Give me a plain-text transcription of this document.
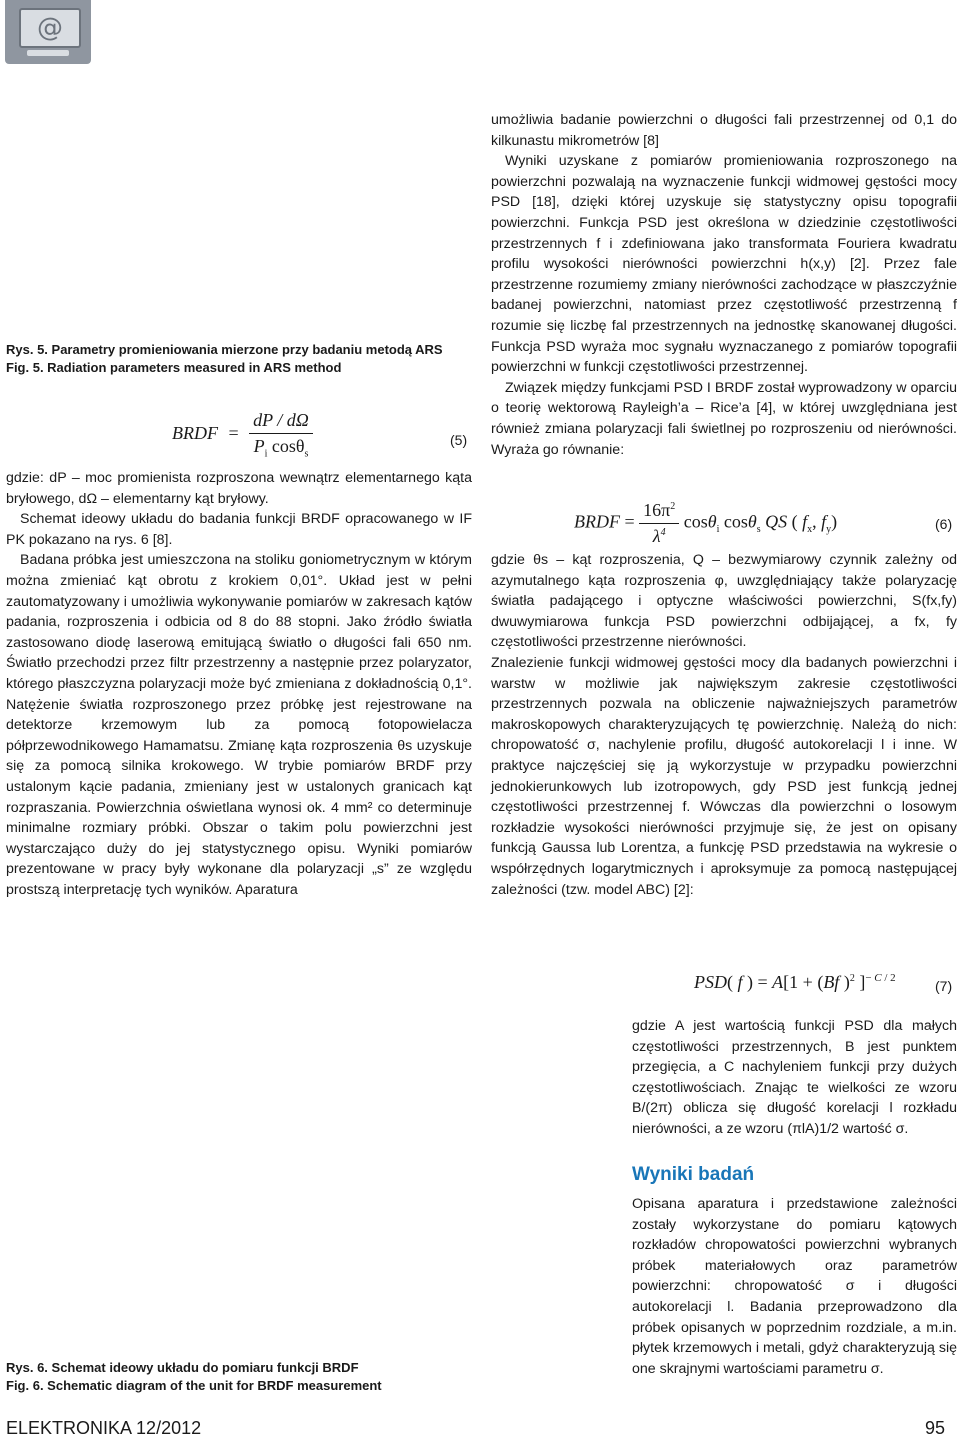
@
Rys. 5. Parametry promieniowania mierzone przy badaniu metodą ARS
Fig. 5. Radiation parameters measured in ARS method
BRDF = $\frac{dP / d\Omega}{P_i \cos\theta_s}$	(5)

gdzie: dP – moc promienista rozproszona wewnątrz elementarnego kąta bryłowego, dΩ – elementarny kąt bryłowy.

Schemat ideowy układu do badania funkcji BRDF opracowanego w IF PK pokazano na rys. 6 [8].

Badana próbka jest umieszczona na stoliku goniometrycznym w którym można zmieniać kąt obrotu z krokiem 0,01°. Układ jest w pełni zautomatyzowany i umożliwia wykonywanie pomiarów w zakresach kątów padania, rozproszenia i odbicia od 8 do 88 stopni. Jako źródło światła zastosowano diodę laserową emitującą światło o długości fali 650 nm. Światło przechodzi przez filtr przestrzenny a następnie przez polaryzator, którego płaszczyzna polaryzacji może być zmieniana z dokładnością 0,1°. Natężenie światła rozproszonego przez próbkę jest rejestrowane na detektorze krzemowym lub za pomocą fotopowielacza półprzewodnikowego Hamamatsu. Zmianę kąta rozproszenia θs uzyskuje się za pomocą silnika krokowego. W trybie pomiarów BRDF przy ustalonym kącie padania, zmieniany jest w ustalonych granicach kąt rozpraszania. Powierzchnia oświetlana wynosi ok. 4 mm² co determinuje minimalne rozmiary próbki. Obszar o takim polu powierzchni jest wystarczająco duży do jej statystycznego opisu. Wyniki pomiarów prezentowane w pracy były wykonane dla polaryzacji „s” ze względu prostszą interpretację tych wyników. Aparatura

umożliwia badanie powierzchni o długości fali przestrzennej od 0,1 do kilkunastu mikrometrów [8]

Wyniki uzyskane z pomiarów promieniowania rozproszonego na powierzchni pozwalają na wyznaczenie funkcji widmowej gęstości mocy PSD [18], dzięki której uzyskuje się statystyczny opisu topografii powierzchni. Funkcja PSD jest określona w dziedzinie częstotliwości przestrzennych f i zdefiniowana jako transformata Fouriera kwadratu profilu wysokości nierówności powierzchni h(x,y) [2]. Przez fale przestrzenne rozumiemy zmiany nierówności zachodzące w płaszczyźnie badanej powierzchni, natomiast przez częstotliwość przestrzenną f rozumie się liczbę fal przestrzennych na jednostkę skanowanej długości. Funkcja PSD wyraża moc sygnału wyznaczanego z pomiarów topografii powierzchni w funkcji częstotliwości przestrzennej.

Związek między funkcjami PSD I BRDF został wyprowadzony w oparciu o teorię wektorową Rayleigh’a – Rice’a [4], w której uwzględniana jest również zmiana polaryzacji fali świetlnej po rozproszeniu od nierówności. Wyraża go równanie:

BRDF = $\frac{16\pi^2}{\lambda^4} \cos\theta_i$ cosθ$_s$ QS ( $f_x$, $f_y$)	(6)

gdzie θs – kąt rozproszenia, Q – bezwymiarowy czynnik zależny od azymutalnego kąta rozproszenia φ, uwzględniający także polaryzację światła padającego i optyczne właściwości powierzchni, S(fx,fy) dwuwymiarowa funkcja PSD powierzchni odbijającej, a fx, fy częstotliwości przestrzenne nierówności.

Znalezienie funkcji widmowej gęstości mocy dla badanych powierzchni i warstw w możliwie jak największym zakresie częstotliwości przestrzennych pozwala na obliczenie najważniejszych parametrów makroskopowych charakteryzujących tę powierzchnię. Należą do nich: chropowatość σ, nachylenie profilu, długość autokorelacji l i inne. W praktyce najczęściej się ją wykorzystuje w przypadku powierzchni jednokierunkowych lub izotropowych, gdy PSD jest funkcją jednej częstotliwości przestrzennej f. Wówczas dla powierzchni o losowym rozkładzie wysokości nierówności przyjmuje się, że jest on opisany funkcją Gaussa lub Lorentza, a funkcję PSD przedstawia na wykresie o współrzędnych logarytmicznych i aproksymuje za pomocą następującej zależności (tzw. model ABC) [2]:

PSD( f ) = A[1 + (Bf )$^2$ ]$^{- C / 2}$	(7)

gdzie A jest wartością funkcji PSD dla małych częstotliwości przestrzennych, B jest punktem przegięcia, a C nachyleniem funkcji przy dużych częstotliwościach. Znając te wielkości ze wzoru B/(2π) oblicza się długość korelacji l rozkładu nierówności, a ze wzoru (πlA)1/2 wartość σ.

Wyniki badań

Opisana aparatura i przedstawione zależności zostały wykorzystane do pomiaru kątowych rozkładów chropowatości powierzchni wybranych próbek materiałowych oraz parametrów powierzchni: chropowatość σ i długości autokorelacji l. Badania przeprowadzono dla próbek opisanych w poprzednim rozdziale, a m.in. płytek krzemowych i metali, gdyż charakteryzują się one skrajnymi wartościami parametru σ.

Rys. 6. Schemat ideowy układu do pomiaru funkcji BRDF
Fig. 6. Schematic diagram of the unit for BRDF measurement
ELEKTRONIKA 12/2012	95
